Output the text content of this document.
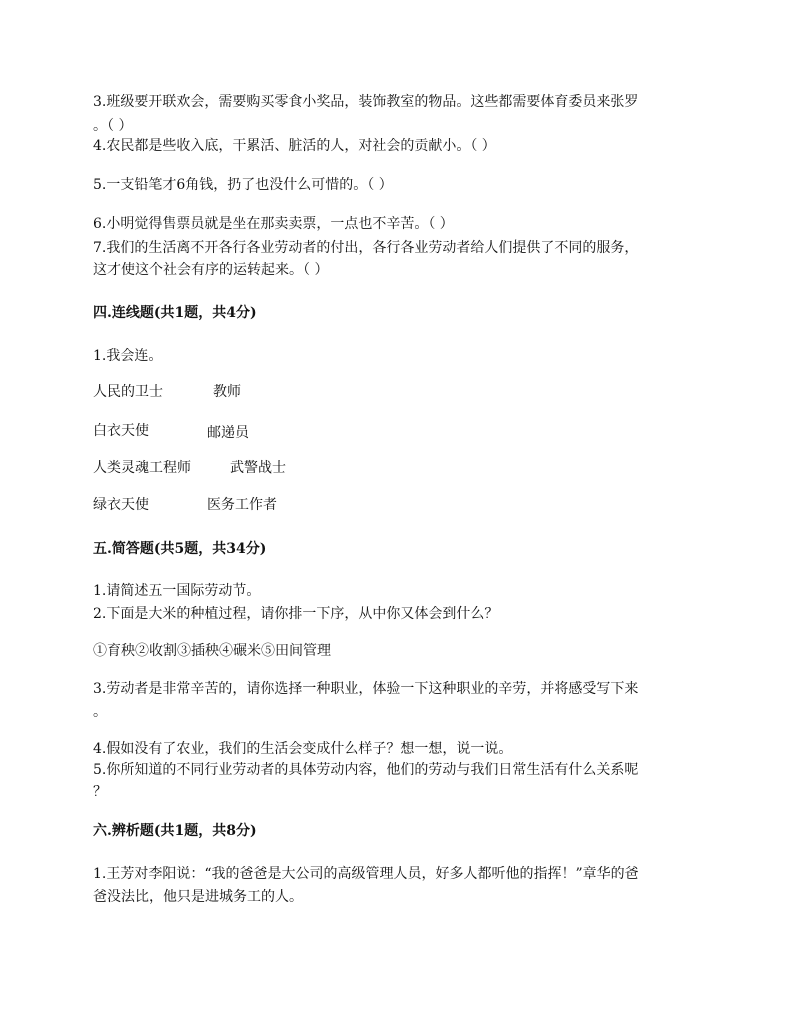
3.班级要开联欢会，需要购买零食小奖品，装饰教室的物品。这些都需要体育委员来张罗
。（ ）
4.农民都是些收入底，干累活、脏活的人，对社会的贡献小。（ ）
5.一支铅笔才6角钱，扔了也没什么可惜的。（ ）
6.小明觉得售票员就是坐在那卖卖票，一点也不辛苦。（ ）
7.我们的生活离不开各行各业劳动者的付出，各行各业劳动者给人们提供了不同的服务，
这才使这个社会有序的运转起来。（ ）
四.连线题(共1题，共4分)
1.我会连。
人民的卫士	教师
白衣天使	邮递员
人类灵魂工程师	武警战士
绿衣天使	医务工作者
五.简答题(共5题，共34分)
1.请简述五一国际劳动节。
2.下面是大米的种植过程，请你排一下序，从中你又体会到什么？
①育秧②收割③插秧④碾米⑤田间管理
3.劳动者是非常辛苦的，请你选择一种职业，体验一下这种职业的辛劳，并将感受写下来
。
4.假如没有了农业，我们的生活会变成什么样子？想一想，说一说。
5.你所知道的不同行业劳动者的具体劳动内容，他们的劳动与我们日常生活有什么关系呢
？
六.辨析题(共1题，共8分)
1.王芳对李阳说：“我的爸爸是大公司的高级管理人员，好多人都听他的指挥！”章华的爸
爸没法比，他只是进城务工的人。
